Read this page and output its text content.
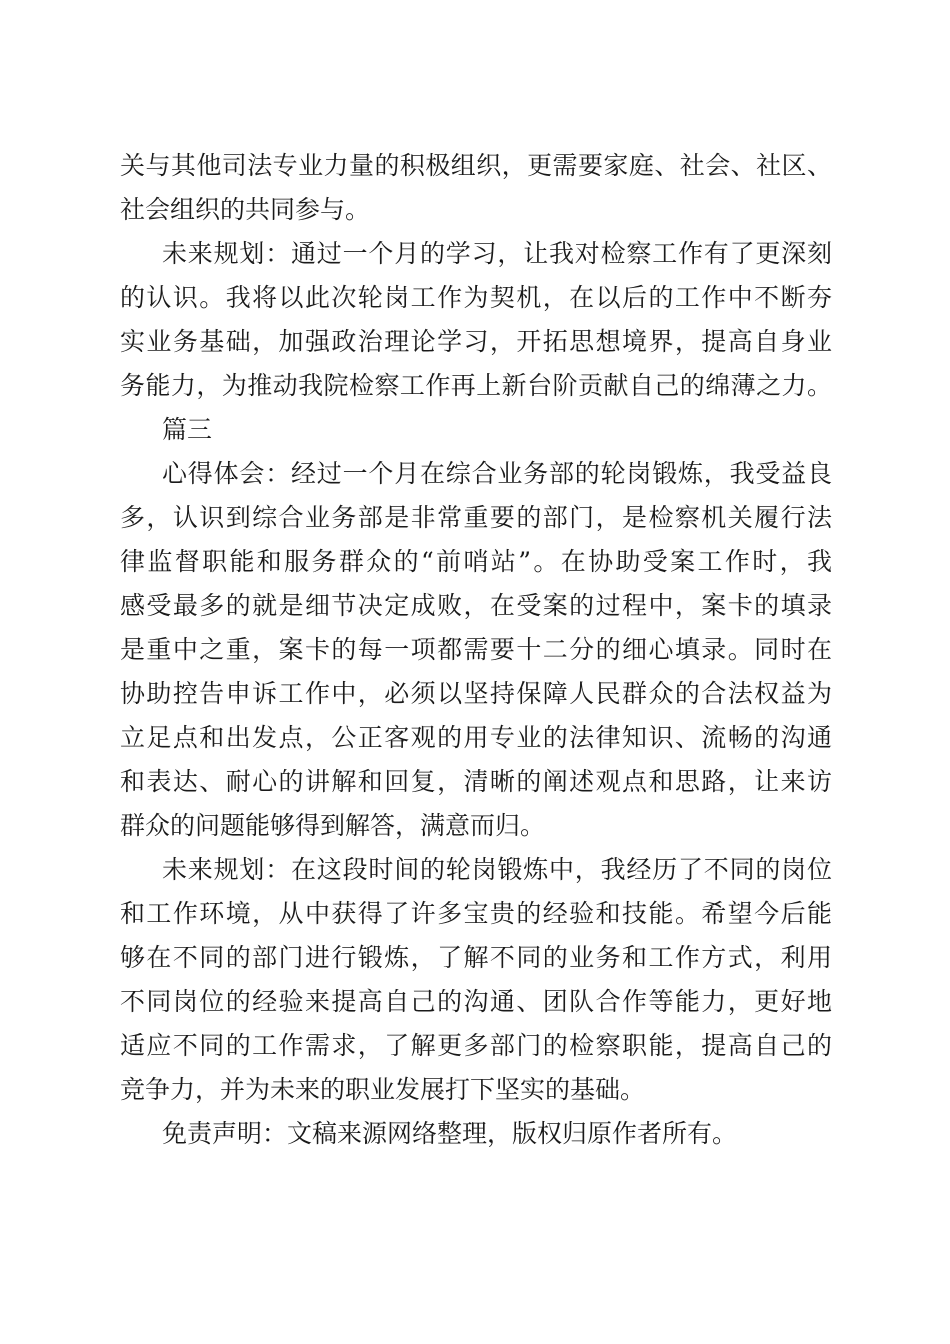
关与其他司法专业力量的积极组织，更需要家庭、社会、社区、
社会组织的共同参与。
未来规划：通过一个月的学习，让我对检察工作有了更深刻
的认识。我将以此次轮岗工作为契机，在以后的工作中不断夯
实业务基础，加强政治理论学习，开拓思想境界，提高自身业
务能力，为推动我院检察工作再上新台阶贡献自己的绵薄之力。
篇三
心得体会：经过一个月在综合业务部的轮岗锻炼，我受益良
多，认识到综合业务部是非常重要的部门，是检察机关履行法
律监督职能和服务群众的“前哨站”。在协助受案工作时，我
感受最多的就是细节决定成败，在受案的过程中，案卡的填录
是重中之重，案卡的每一项都需要十二分的细心填录。同时在
协助控告申诉工作中，必须以坚持保障人民群众的合法权益为
立足点和出发点，公正客观的用专业的法律知识、流畅的沟通
和表达、耐心的讲解和回复，清晰的阐述观点和思路，让来访
群众的问题能够得到解答，满意而归。
未来规划：在这段时间的轮岗锻炼中，我经历了不同的岗位
和工作环境，从中获得了许多宝贵的经验和技能。希望今后能
够在不同的部门进行锻炼，了解不同的业务和工作方式，利用
不同岗位的经验来提高自己的沟通、团队合作等能力，更好地
适应不同的工作需求，了解更多部门的检察职能，提高自己的
竞争力，并为未来的职业发展打下坚实的基础。
免责声明：文稿来源网络整理，版权归原作者所有。
